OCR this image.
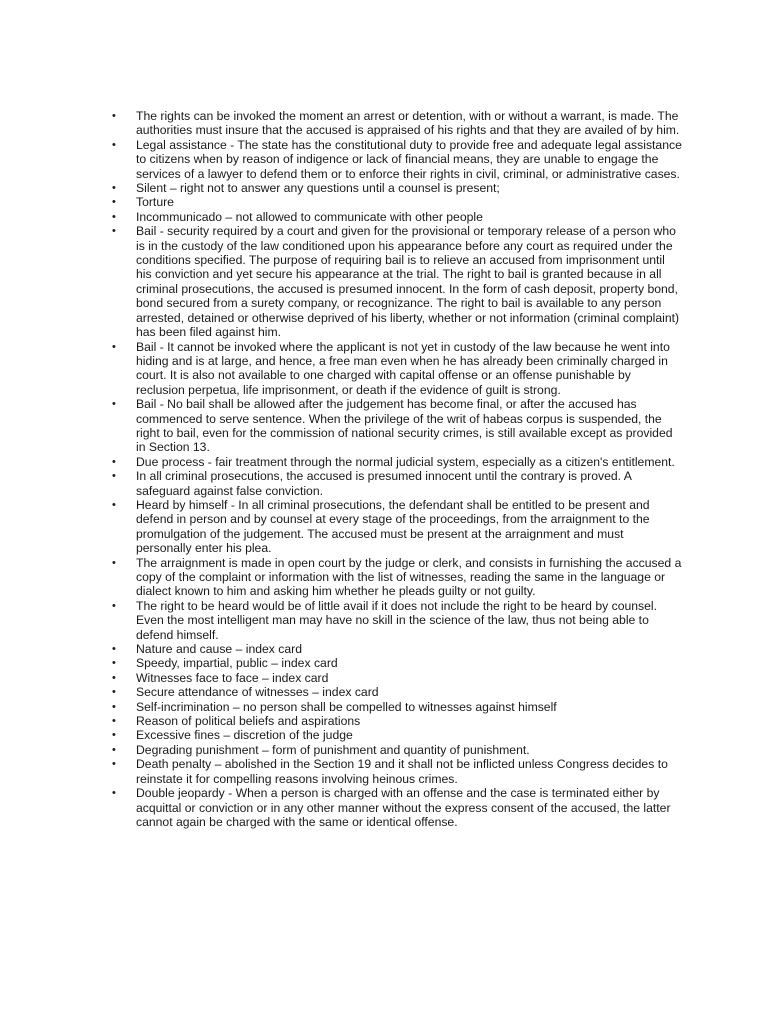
• The rights can be invoked the moment an arrest or detention, with or without a warrant, is made. The authorities must insure that the accused is appraised of his rights and that they are availed of by him.
• Legal assistance - The state has the constitutional duty to provide free and adequate legal assistance to citizens when by reason of indigence or lack of financial means, they are unable to engage the services of a lawyer to defend them or to enforce their rights in civil, criminal, or administrative cases.
• Silent – right not to answer any questions until a counsel is present;
• Torture
• Incommunicado – not allowed to communicate with other people
• Bail - security required by a court and given for the provisional or temporary release of a person who is in the custody of the law conditioned upon his appearance before any court as required under the conditions specified. The purpose of requiring bail is to relieve an accused from imprisonment until his conviction and yet secure his appearance at the trial. The right to bail is granted because in all criminal prosecutions, the accused is presumed innocent. In the form of cash deposit, property bond, bond secured from a surety company, or recognizance. The right to bail is available to any person arrested, detained or otherwise deprived of his liberty, whether or not information (criminal complaint) has been filed against him.
• Bail - It cannot be invoked where the applicant is not yet in custody of the law because he went into hiding and is at large, and hence, a free man even when he has already been criminally charged in court. It is also not available to one charged with capital offense or an offense punishable by reclusion perpetua, life imprisonment, or death if the evidence of guilt is strong.
• Bail - No bail shall be allowed after the judgement has become final, or after the accused has commenced to serve sentence. When the privilege of the writ of habeas corpus is suspended, the right to bail, even for the commission of national security crimes, is still available except as provided in Section 13.
• Due process - fair treatment through the normal judicial system, especially as a citizen's entitlement.
• In all criminal prosecutions, the accused is presumed innocent until the contrary is proved. A safeguard against false conviction.
• Heard by himself - In all criminal prosecutions, the defendant shall be entitled to be present and defend in person and by counsel at every stage of the proceedings, from the arraignment to the promulgation of the judgement. The accused must be present at the arraignment and must personally enter his plea.
• The arraignment is made in open court by the judge or clerk, and consists in furnishing the accused a copy of the complaint or information with the list of witnesses, reading the same in the language or dialect known to him and asking him whether he pleads guilty or not guilty.
• The right to be heard would be of little avail if it does not include the right to be heard by counsel. Even the most intelligent man may have no skill in the science of the law, thus not being able to defend himself.
• Nature and cause – index card
• Speedy, impartial, public – index card
• Witnesses face to face – index card
• Secure attendance of witnesses – index card
• Self-incrimination – no person shall be compelled to witnesses against himself
• Reason of political beliefs and aspirations
• Excessive fines – discretion of the judge
• Degrading punishment – form of punishment and quantity of punishment.
• Death penalty – abolished in the Section 19 and it shall not be inflicted unless Congress decides to reinstate it for compelling reasons involving heinous crimes.
• Double jeopardy - When a person is charged with an offense and the case is terminated either by acquittal or conviction or in any other manner without the express consent of the accused, the latter cannot again be charged with the same or identical offense.
